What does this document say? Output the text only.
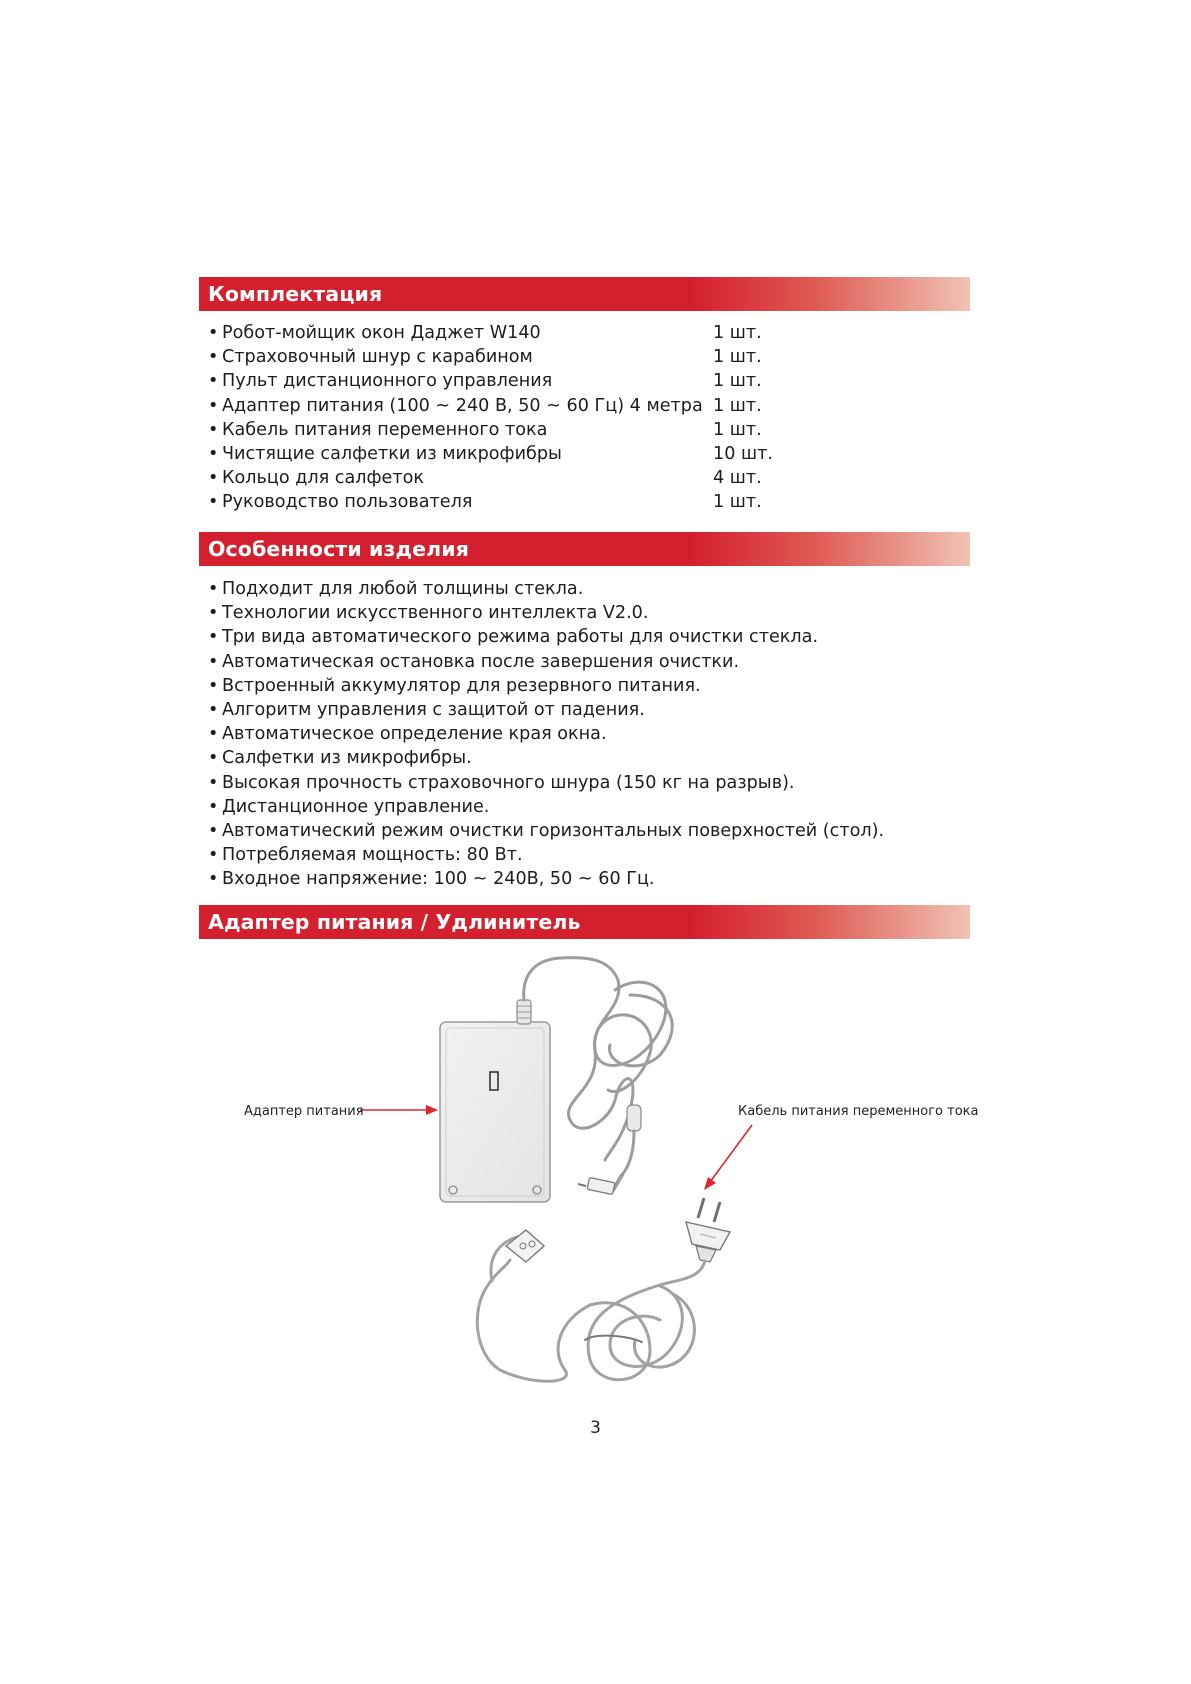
Комплектация
• Робот-мойщик окон Даджет W140	1 шт.
• Страховочный шнур с карабином	1 шт.
• Пульт дистанционного управления	1 шт.
• Адаптер питания (100 ~ 240 В, 50 ~ 60 Гц) 4 метра 1 шт.
• Кабель питания переменного тока	1 шт.
• Чистящие салфетки из микрофибры	10 шт.
• Кольцо для салфеток	4 шт.
• Руководство пользователя	1 шт.
Особенности изделия
• Подходит для любой толщины стекла.
• Технологии искусственного интеллекта V2.0.
• Три вида автоматического режима работы для очистки стекла.
• Автоматическая остановка после завершения очистки.
• Встроенный аккумулятор для резервного питания.
• Алгоритм управления с защитой от падения.
• Автоматическое определение края окна.
• Салфетки из микрофибры.
• Высокая прочность страховочного шнура (150 кг на разрыв).
• Дистанционное управление.
• Автоматический режим очистки горизонтальных поверхностей (стол).
• Потребляемая мощность: 80 Вт.
• Входное напряжение: 100 ~ 240В, 50 ~ 60 Гц.
Адаптер питания / Удлинитель
Адаптер питания	Кабель питания переменного тока
3
